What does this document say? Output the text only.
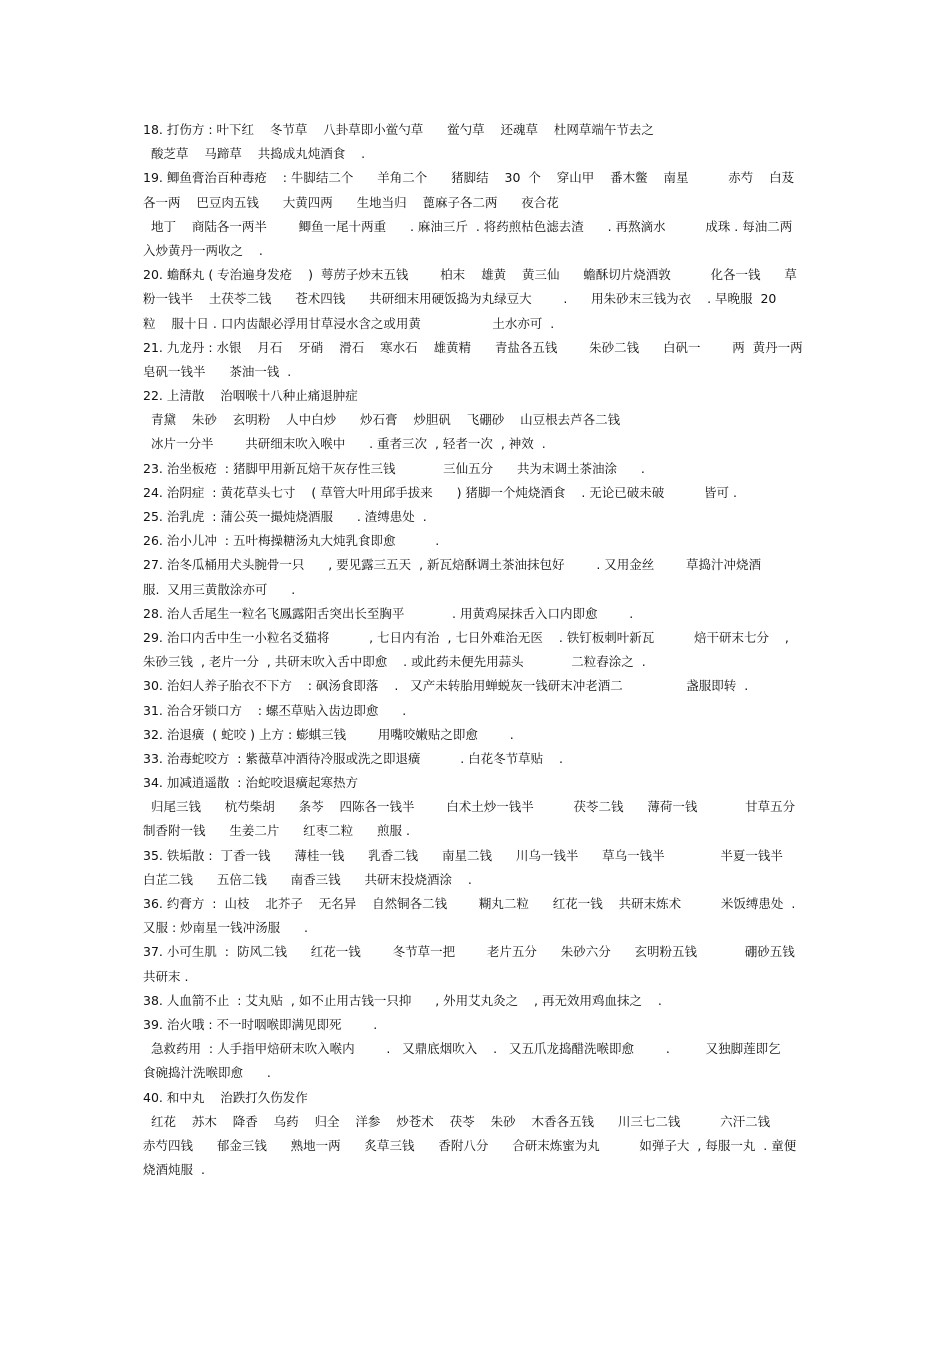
18. 打伤方 : 叶下红    冬节草    八卦草即小鲎勺草      鲎勺草    还魂草    杜网草端午节去之
酸芝草    马蹄草    共捣成丸炖酒食    .
19. 鲫鱼膏治百种毒疮    : 牛脚结二个      羊角二个      猪脚结    30  个    穿山甲    番木鳖    南星          赤芍    白芨
各一两    巴豆肉五钱      大黄四两      生地当归    蓖麻子各二两      夜合花
地丁    商陆各一两半        鲫鱼一尾十两重      . 麻油三斤  . 将药煎枯色滤去渣      . 再熬滴水          成珠 . 每油二两
入炒黄丹一两收之    .
20. 蟾酥丸 ( 专治遍身发疮    )  萼苈子炒末五钱        柏末    雄黄    黄三仙      蟾酥切片烧酒敦          化各一钱      草
粉一钱半    土茯苓二钱      苍术四钱      共研细末用硬饭捣为丸绿豆大        .      用朱砂末三钱为衣    . 早晚服  20
粒    服十日 . 口内齿龈必浮用甘草浸水含之或用黄                  土水亦可  .
21. 九龙丹 : 水银    月石    牙硝    滑石    寒水石    雄黄精      青盐各五钱        朱砂二钱      白矾一        两  黄丹一两
皂矾一钱半      茶油一钱  .
22. 上清散    治咽喉十八种止痛退肿症
青黛    朱砂    玄明粉    人中白炒      炒石膏    炒胆矾    飞硼砂    山豆根去芦各二钱
冰片一分半        共研细末吹入喉中      . 重者三次  , 轻者一次  , 神效  .
23. 治坐板疮  : 猪脚甲用新瓦焙干灰存性三钱            三仙五分      共为末调土茶油涂      .
24. 治阴症  : 黄花草头七寸    ( 草管大叶用邱手拔来      ) 猪脚一个炖烧酒食    . 无论已破未破          皆可 .
25. 治乳虎  : 蒲公英一撮炖烧酒服      . 渣缚患处  .
26. 治小儿冲  : 五叶梅操糖汤丸大炖乳食即愈          .
27. 治冬瓜桶用犬头腕骨一只      , 要见露三五天  , 新瓦焙酥调土茶油抹包好        . 又用金丝        草捣汁冲烧酒
服.  又用三黄散涂亦可      .
28. 治人舌尾生一粒名飞鳳露阳舌突出长至胸平            . 用黄鸡屎抹舌入口内即愈        .
29. 治口内舌中生一小粒名爻猫将          , 七日内有治  , 七日外难治无医    . 铁钉板刺叶新瓦          焙干研末七分    ,
朱砂三钱  , 老片一分  , 共研末吹入舌中即愈    . 或此药未便先用蒜头            二粒舂涂之  .
30. 治妇人养子胎衣不下方    : 砜汤食即落    .   又产未转胎用蝉蜕灰一钱研末冲老酒二                盏服即转  .
31. 治合牙锁口方    : 螺丕草贴入齿边即愈      .
32. 治退癀  ( 蛇咬 ) 上方 : 蟛蜞三钱        用嘴咬嫩贴之即愈        .
33. 治毒蛇咬方  : 紫薇草冲酒待冷服或洗之即退癀          . 白花冬节草贴    .
34. 加减逍遥散  : 治蛇咬退癀起寒热方
归尾三钱      杭芍柴胡      条芩    四陈各一钱半        白术土炒一钱半          茯苓二钱      薄荷一钱            甘草五分
制香附一钱      生姜二片      红枣二粒      煎服 .
35. 铁垢散 :  丁香一钱      薄桂一钱      乳香二钱      南星二钱      川乌一钱半      草乌一钱半              半夏一钱半
白芷二钱      五倍二钱      南香三钱      共研末投烧酒涂    .
36. 约膏方  :  山枝    北芥子    无名异    自然铜各二钱        糊丸二粒      红花一钱    共研末炼术          米饭缚患处  .
又服 : 炒南星一钱冲汤服      .
37. 小可生肌  :  防风二钱      红花一钱        冬节草一把        老片五分      朱砂六分      玄明粉五钱            硼砂五钱
共研末 .
38. 人血箭不止  : 艾丸贴  , 如不止用古钱一只抑      , 外用艾丸灸之    , 再无效用鸡血抹之    .
39. 治火哦 : 不一时咽喉即满见即死        .
急救药用  : 人手指甲焙研末吹入喉内        .   又鼎底烟吹入    .   又五爪龙捣醋洗喉即愈        .         又独脚莲即乞
食碗捣汁洗喉即愈      .
40. 和中丸    治跌打久伤发作
红花    苏木    降香    乌药    归全    洋参    炒苍术    茯苓    朱砂    木香各五钱      川三七二钱          六汗二钱
赤芍四钱      郁金三钱      熟地一两      炙草三钱      香附八分      合研末炼蜜为丸          如弹子大  , 每服一丸  . 童便
烧酒炖服  .
